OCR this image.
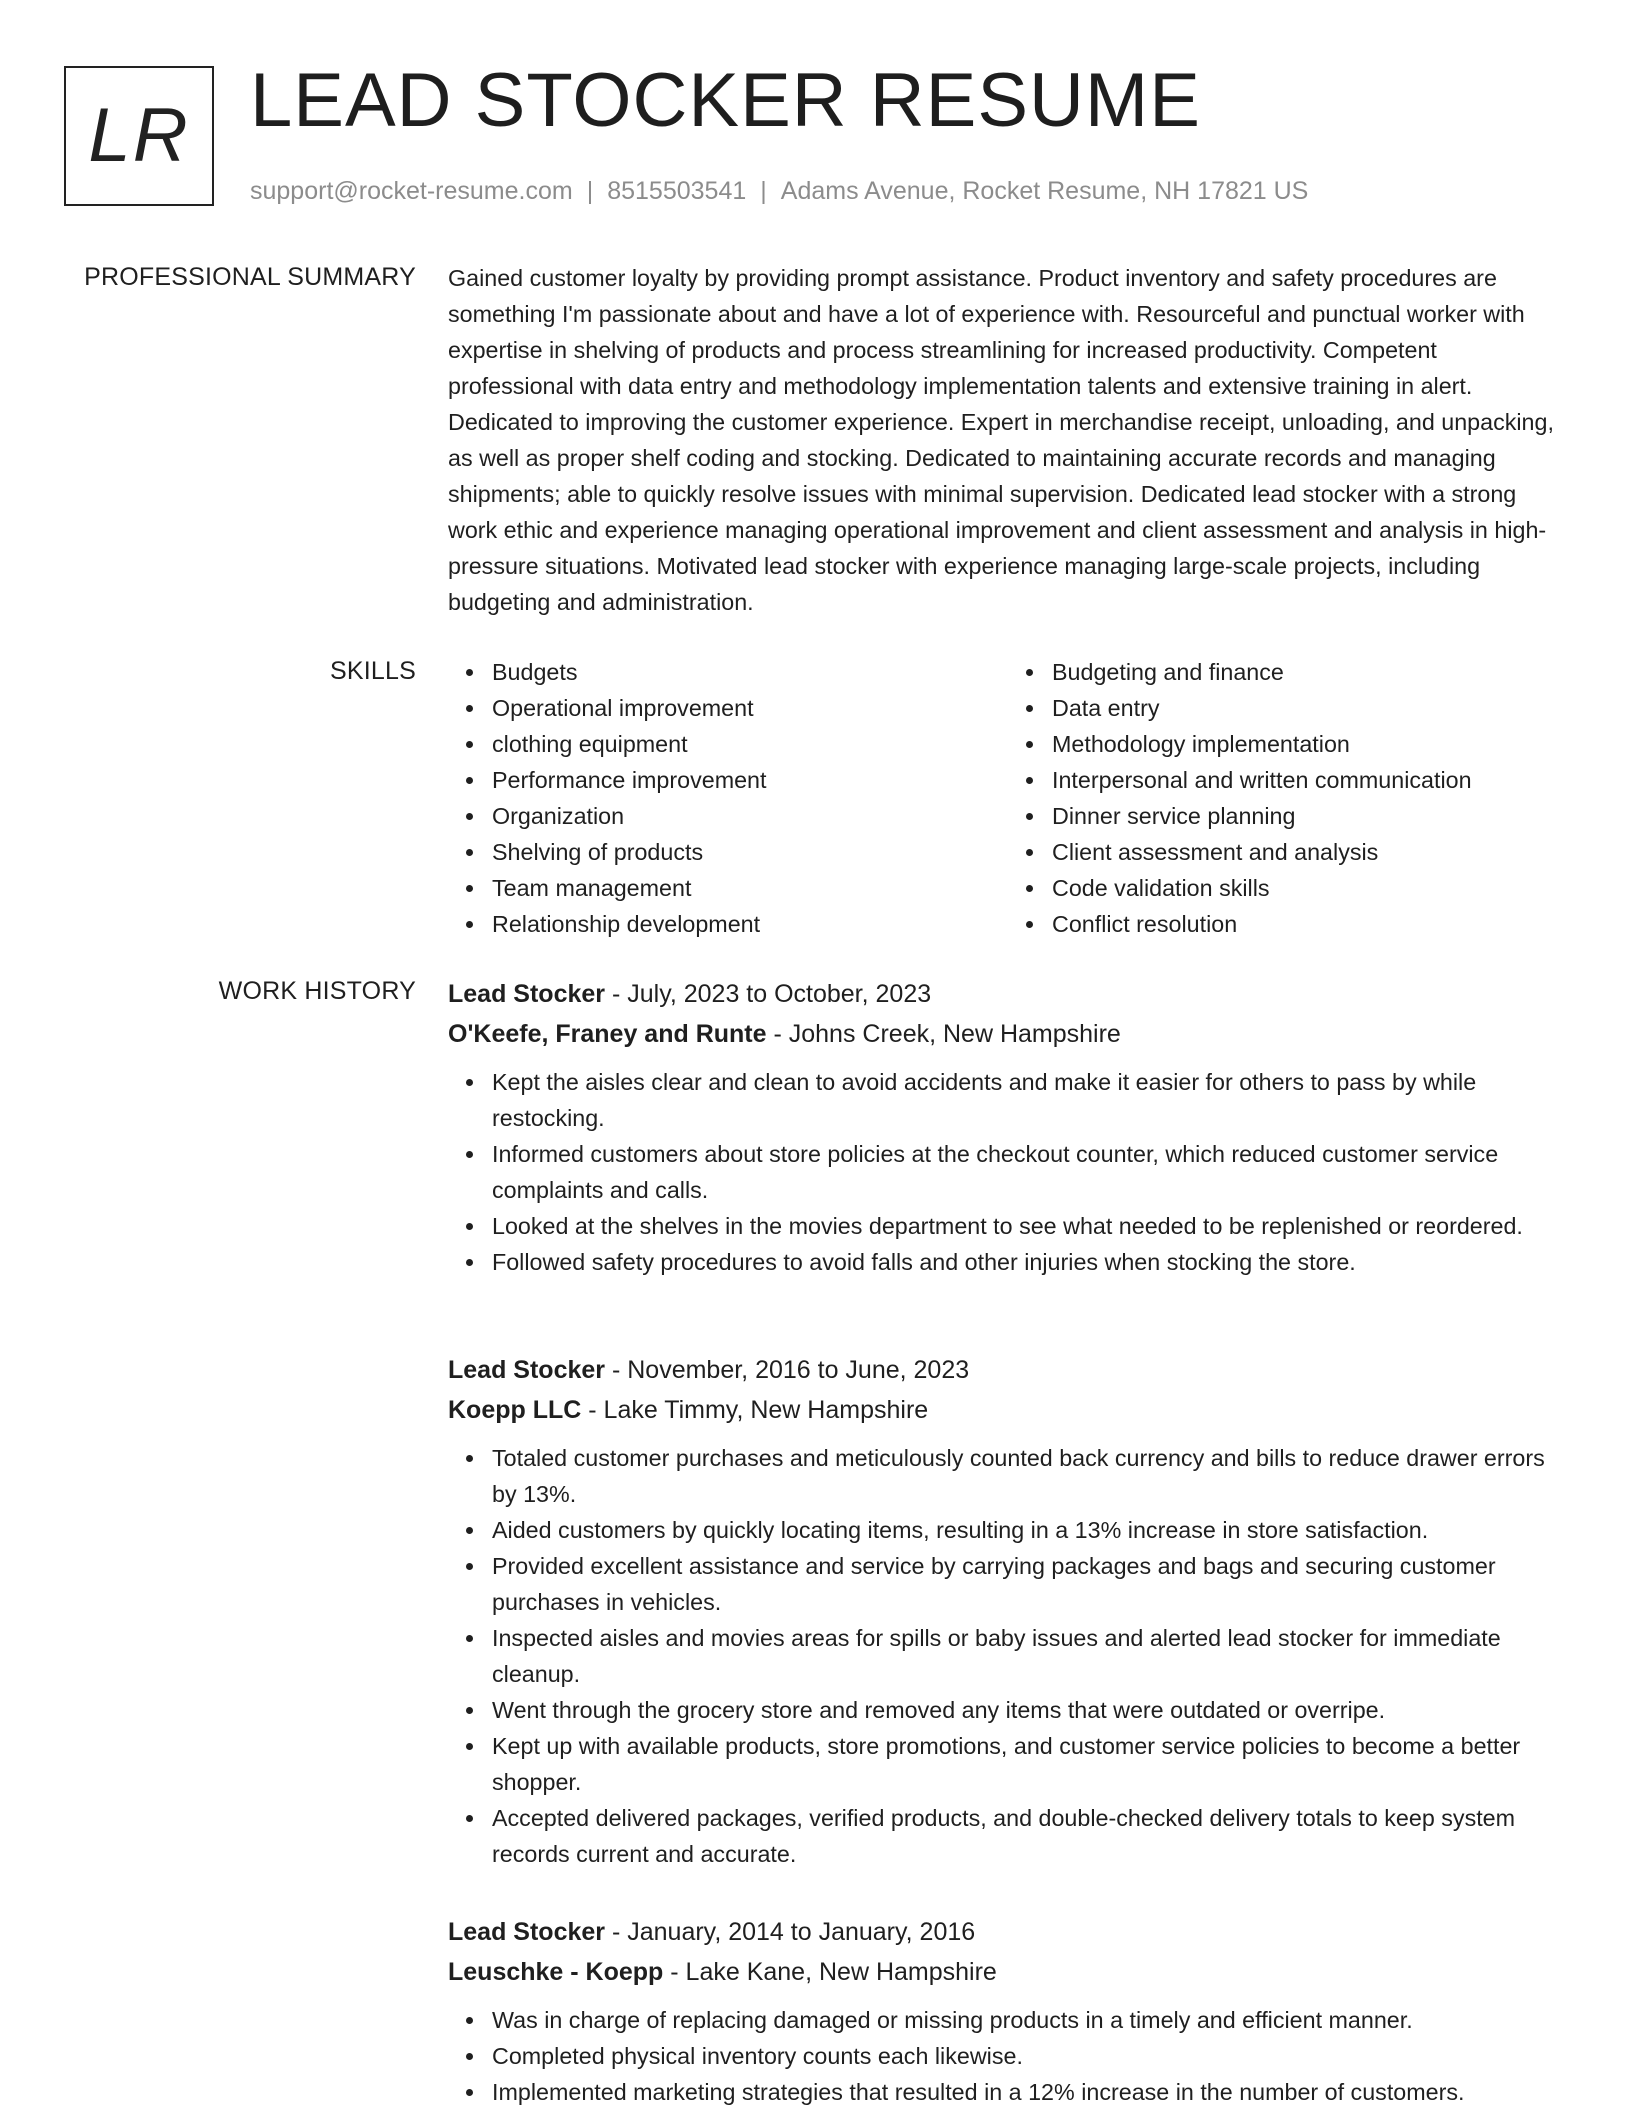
LR LEAD STOCKER RESUME
support@rocket-resume.com | 8515503541 | Adams Avenue, Rocket Resume, NH 17821 US
PROFESSIONAL SUMMARY Gained customer loyalty by providing prompt assistance. Product inventory and safety procedures are something I'm passionate about and have a lot of experience with. Resourceful and punctual worker with expertise in shelving of products and process streamlining for increased productivity. Competent professional with data entry and methodology implementation talents and extensive training in alert. Dedicated to improving the customer experience. Expert in merchandise receipt, unloading, and unpacking, as well as proper shelf coding and stocking. Dedicated to maintaining accurate records and managing shipments; able to quickly resolve issues with minimal supervision. Dedicated lead stocker with a strong work ethic and experience managing operational improvement and client assessment and analysis in high-pressure situations. Motivated lead stocker with experience managing large-scale projects, including budgeting and administration.

SKILLS	Budgets
Operational improvement
clothing equipment
Performance improvement
Organization
Shelving of products
Team management
Relationship development
Budgeting and finance
Data entry
Methodology implementation
Interpersonal and written communication
Dinner service planning
Client assessment and analysis
Code validation skills
Conflict resolution
WORK HISTORY Lead Stocker - July, 2023 to October, 2023
O'Keefe, Franey and Runte - Johns Creek, New Hampshire
Kept the aisles clear and clean to avoid accidents and make it easier for others to pass by while restocking.
Informed customers about store policies at the checkout counter, which reduced customer service complaints and calls.
Looked at the shelves in the movies department to see what needed to be replenished or reordered.
Followed safety procedures to avoid falls and other injuries when stocking the store.
Lead Stocker - November, 2016 to June, 2023
Koepp LLC - Lake Timmy, New Hampshire
Totaled customer purchases and meticulously counted back currency and bills to reduce drawer errors by 13%.
Aided customers by quickly locating items, resulting in a 13% increase in store satisfaction.
Provided excellent assistance and service by carrying packages and bags and securing customer purchases in vehicles.
Inspected aisles and movies areas for spills or baby issues and alerted lead stocker for immediate cleanup.
Went through the grocery store and removed any items that were outdated or overripe.
Kept up with available products, store promotions, and customer service policies to become a better shopper.
Accepted delivered packages, verified products, and double-checked delivery totals to keep system records current and accurate.
Lead Stocker - January, 2014 to January, 2016
Leuschke - Koepp - Lake Kane, New Hampshire
Was in charge of replacing damaged or missing products in a timely and efficient manner.
Completed physical inventory counts each likewise.
Implemented marketing strategies that resulted in a 12% increase in the number of customers.
